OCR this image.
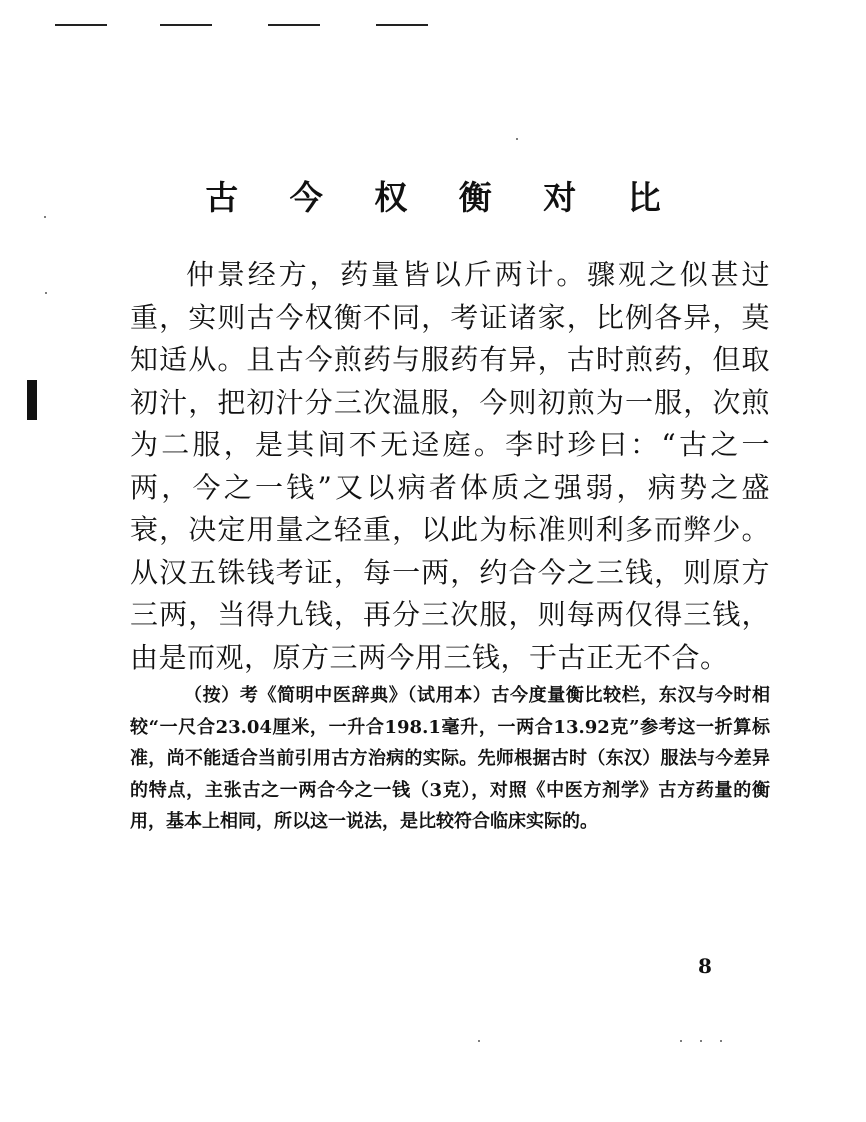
古 今 权 衡 对 比

仲景经方，药量皆以斤两计。骤观之似甚过重，实则古今权衡不同，考证诸家，比例各异，莫知适从。且古今煎药与服药有异，古时煎药，但取初汁，把初汁分三次温服，今则初煎为一服，次煎为二服，是其间不无迳庭。李时珍曰：“古之一两，今之一钱”又以病者体质之强弱，病势之盛衰，决定用量之轻重，以此为标准则利多而弊少。从汉五铢钱考证，每一两，约合今之三钱，则原方三两，当得九钱，再分三次服，则每两仅得三钱，由是而观，原方三两今用三钱，于古正无不合。

（按）考《简明中医辞典》（试用本）古今度量衡比较栏，东汉与今时相较“一尺合23.04厘米，一升合198.1毫升，一两合13.92克”参考这一折算标准，尚不能适合当前引用古方治病的实际。先师根据古时（东汉）服法与今差异的特点，主张古之一两合今之一钱（3克），对照《中医方剂学》古方药量的衡用，基本上相同，所以这一说法，是比较符合临床实际的。

8
